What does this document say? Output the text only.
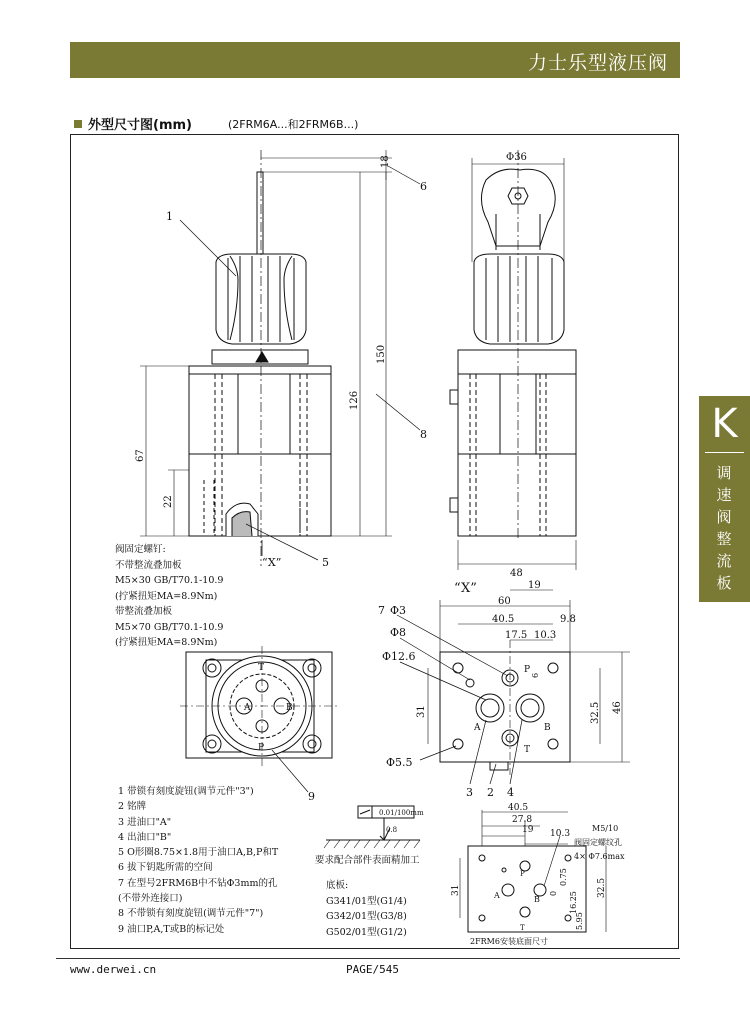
力士乐型液压阀
外型尺寸图(mm)	(2FRM6A...和2FRM6B...)
K
调速阀整流板
18
150
126
67
22
Φ36
48
“X”
“X”	19
60
40.5	9.8
17.5 10.3
7 Φ3
Φ8
Φ12.6
Φ5.5
31	32.5 46
6
P
A	B
T
3 2 4
1
6
8
5
9
A	B
P
T
0.01/100mm
0.8
40.5
27.8
19 10.3
M5/10
阀固定螺纹孔
4× Φ7.6max
31	32.5
0
0.75
16.25
5.95
A	B
P
T
阀固定螺钉:
不带整流叠加板
M5×30 GB/T70.1-10.9
(拧紧扭矩MA=8.9Nm)
带整流叠加板
M5×70 GB/T70.1-10.9
(拧紧扭矩MA=8.9Nm)
1 带锁有刻度旋钮(调节元件"3")
2 铭牌
3 进油口"A"
4 出油口"B"
5 O形圈8.75×1.8用于油口A,B,P和T
6 拔下钥匙所需的空间
7 在型号2FRM6B中不钻Φ3mm的孔
(不带外连接口)
8 不带锁有刻度旋钮(调节元件"7")
9 油口P,A,T或B的标记处
要求配合部件表面精加工
底板:
G341/01型(G1/4)
G342/01型(G3/8)
G502/01型(G1/2)
2FRM6安装底面尺寸
www.derwei.cn	PAGE/545
